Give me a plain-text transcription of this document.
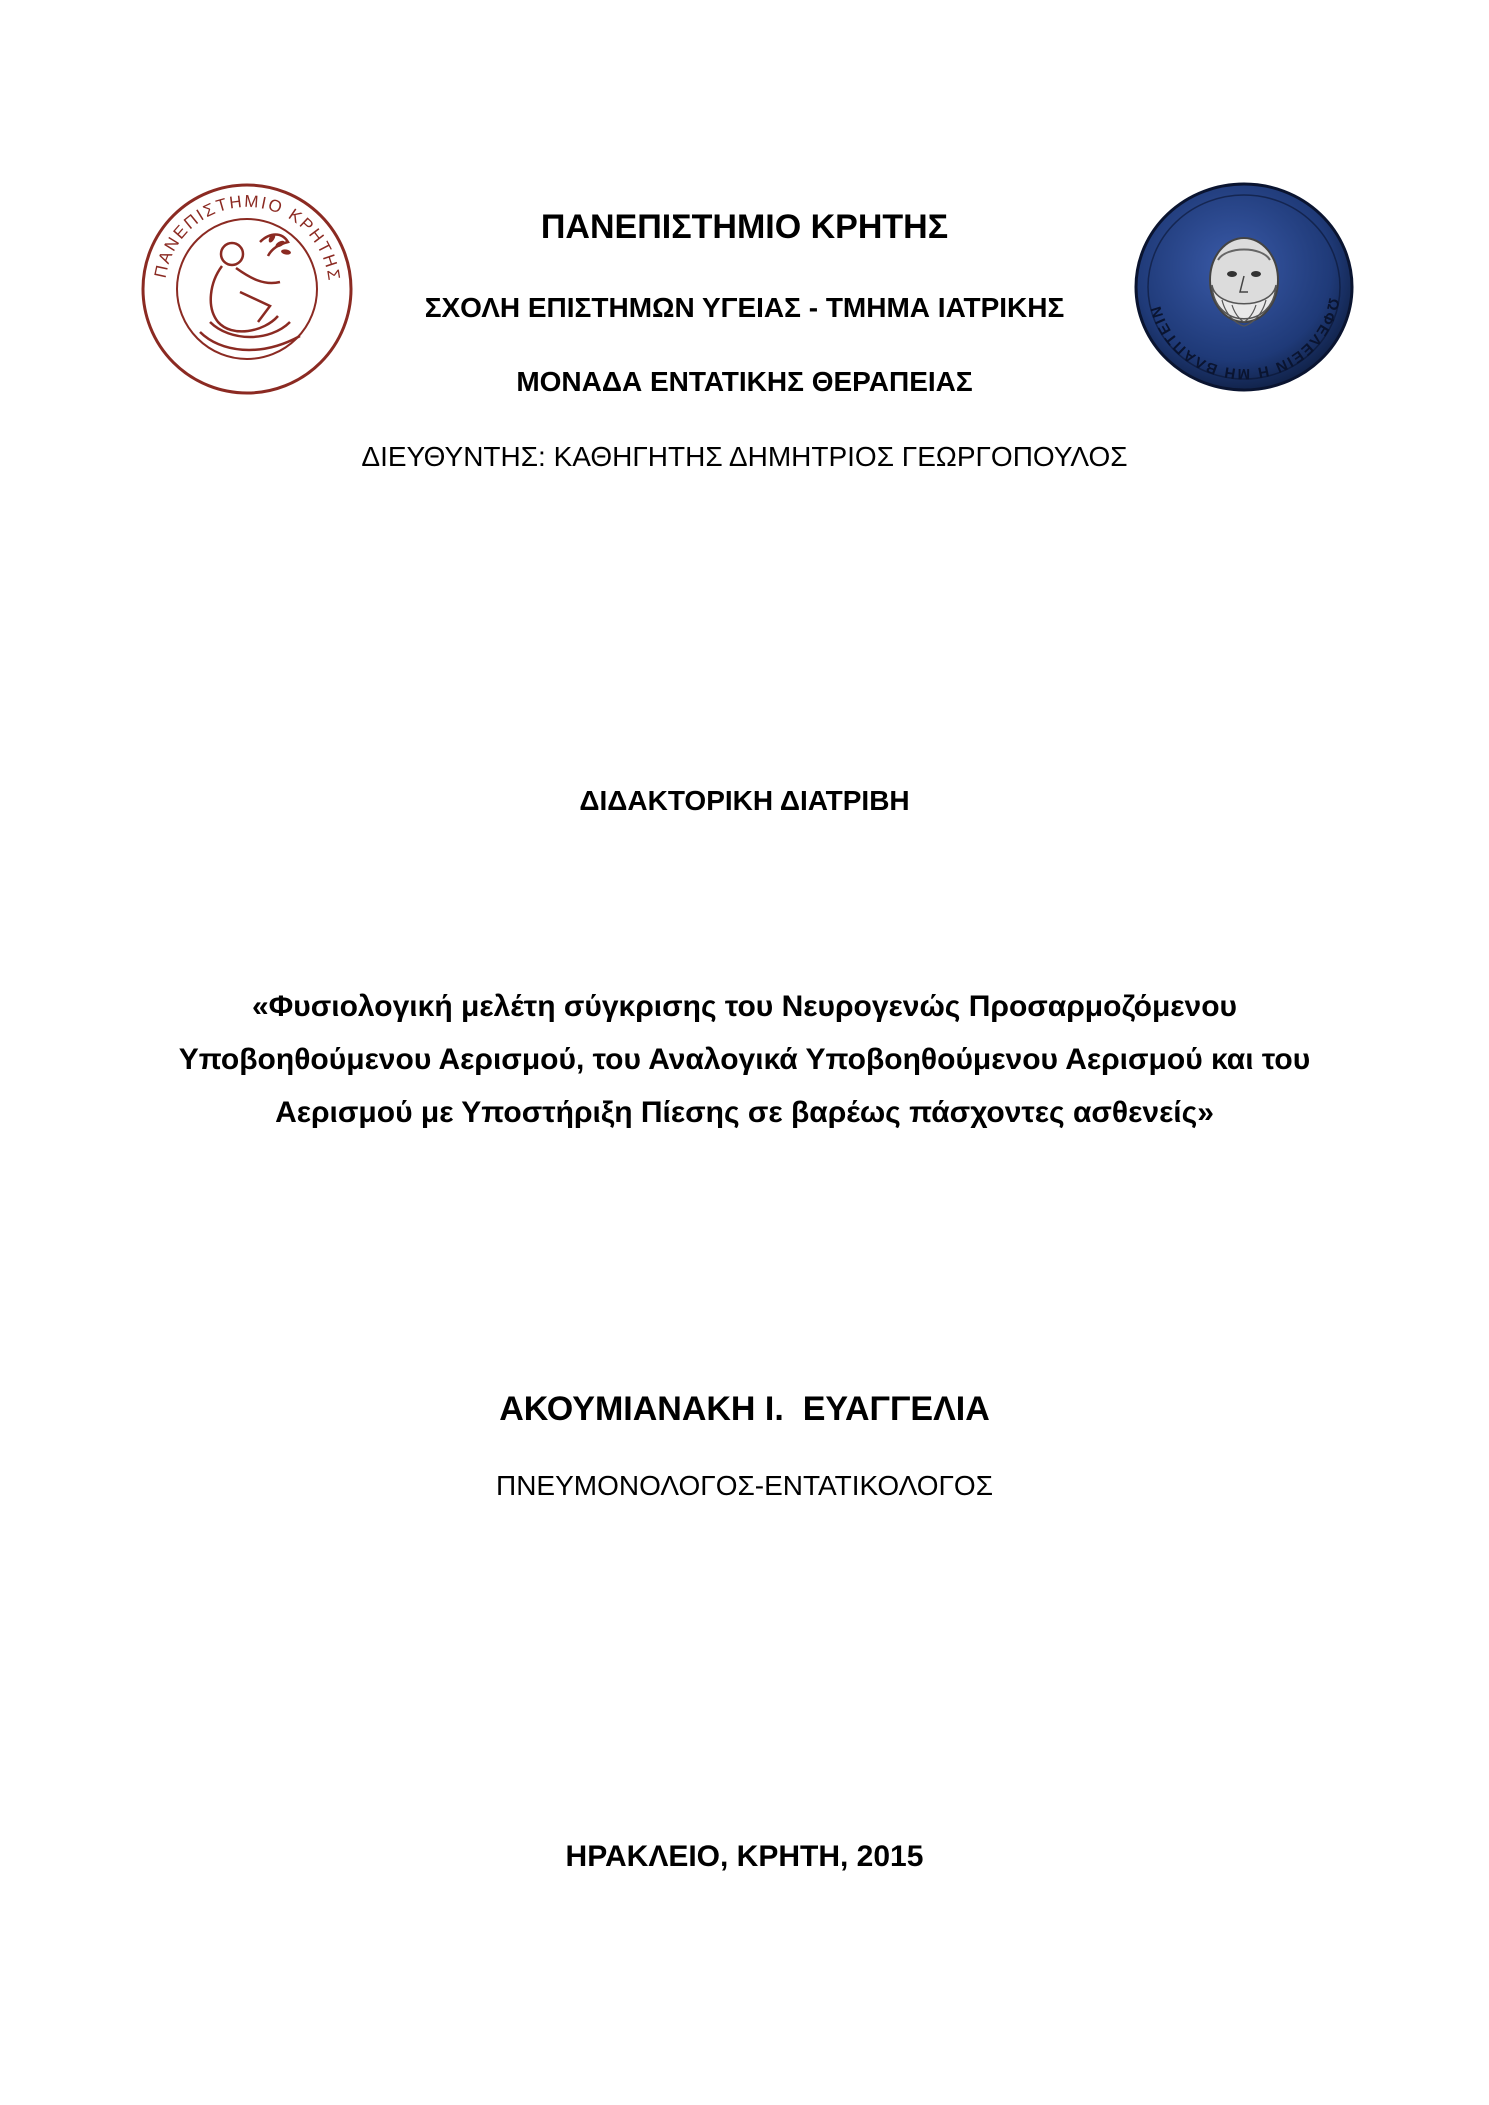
ΠΑΝΕΠΙΣΤΗΜΙΟ ΚΡΗΤΗΣ
ΩΦΕΛΕΕΙΝ Η ΜΗ ΒΛΑΠΤΕΙΝ
ΠΑΝΕΠΙΣΤΗΜΙΟ ΚΡΗΤΗΣ
ΣΧΟΛΗ ΕΠΙΣΤΗΜΩΝ ΥΓΕΙΑΣ - ΤΜΗΜΑ ΙΑΤΡΙΚΗΣ
ΜΟΝΑΔΑ ΕΝΤΑΤΙΚΗΣ ΘΕΡΑΠΕΙΑΣ
ΔΙΕΥΘΥΝΤΗΣ: ΚΑΘΗΓΗΤΗΣ ΔΗΜΗΤΡΙΟΣ ΓΕΩΡΓΟΠΟΥΛΟΣ
ΔΙΔΑΚΤΟΡΙΚΗ ΔΙΑΤΡΙΒΗ
«Φυσιολογική μελέτη σύγκρισης του Νευρογενώς Προσαρμοζόμενου
Υποβοηθούμενου Αερισμού, του Αναλογικά Υποβοηθούμενου Αερισμού και του
Αερισμού με Υποστήριξη Πίεσης σε βαρέως πάσχοντες ασθενείς»
ΑΚΟΥΜΙΑΝΑΚΗ Ι.  ΕΥΑΓΓΕΛΙΑ
ΠΝΕΥΜΟΝΟΛΟΓΟΣ-ΕΝΤΑΤΙΚΟΛΟΓΟΣ
ΗΡΑΚΛΕΙΟ, ΚΡΗΤΗ, 2015
